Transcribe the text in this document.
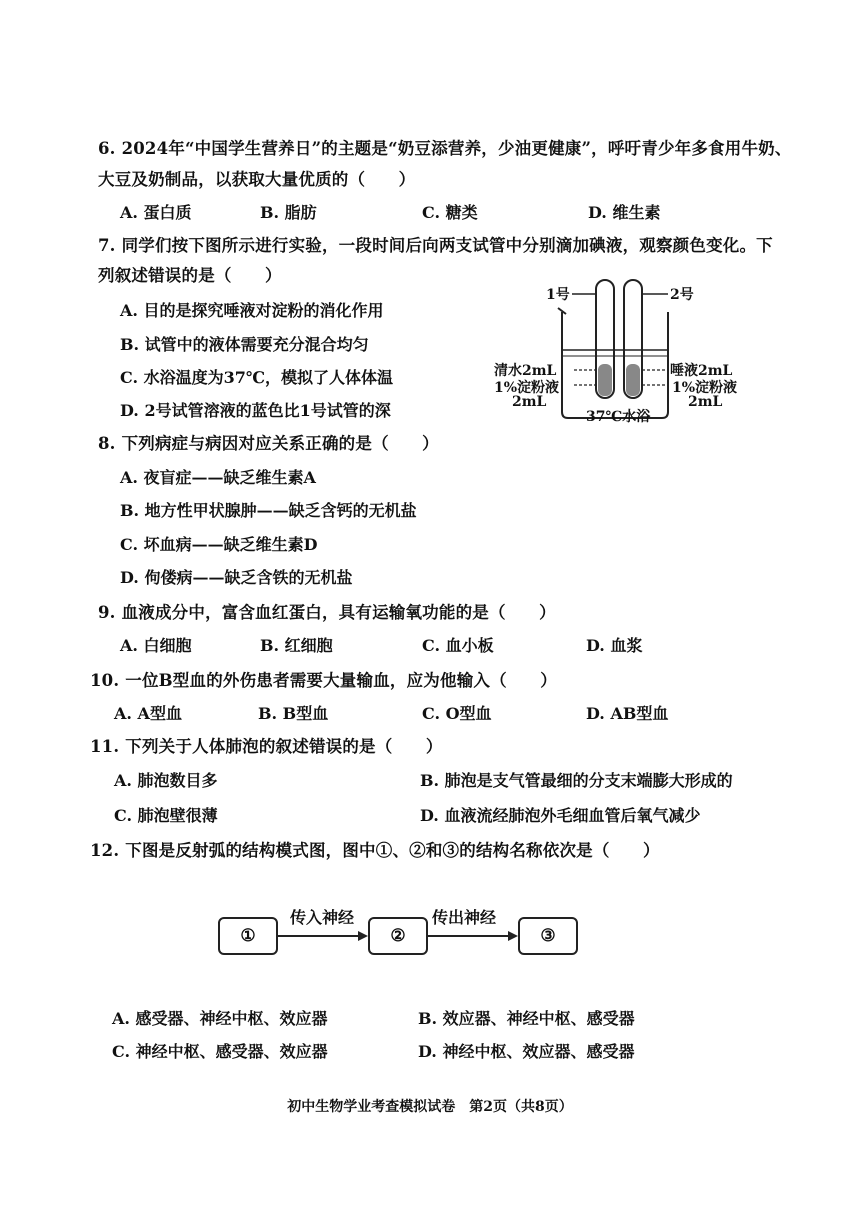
6. 2024年“中国学生营养日”的主题是“奶豆添营养，少油更健康”，呼吁青少年多食用牛奶、
大豆及奶制品，以获取大量优质的（　　）
A. 蛋白质	B. 脂肪	C. 糖类	D. 维生素
7. 同学们按下图所示进行实验，一段时间后向两支试管中分别滴加碘液，观察颜色变化。下
列叙述错误的是（　　）
A. 目的是探究唾液对淀粉的消化作用
B. 试管中的液体需要充分混合均匀
C. 水浴温度为37℃，模拟了人体体温
D. 2号试管溶液的蓝色比1号试管的深
1号	2号
清水2mL
1%淀粉液
2mL
唾液2mL
1%淀粉液
2mL
37℃水浴
8. 下列病症与病因对应关系正确的是（　　）
A. 夜盲症——缺乏维生素A
B. 地方性甲状腺肿——缺乏含钙的无机盐
C. 坏血病——缺乏维生素D
D. 佝偻病——缺乏含铁的无机盐
9. 血液成分中，富含血红蛋白，具有运输氧功能的是（　　）
A. 白细胞	B. 红细胞	C. 血小板	D. 血浆
10. 一位B型血的外伤患者需要大量输血，应为他输入（　　）
A. A型血	B. B型血	C. O型血	D. AB型血
11. 下列关于人体肺泡的叙述错误的是（　　）
A. 肺泡数目多	B. 肺泡是支气管最细的分支末端膨大形成的
C. 肺泡壁很薄	D. 血液流经肺泡外毛细血管后氧气减少
12. 下图是反射弧的结构模式图，图中①、②和③的结构名称依次是（　　）
①	②	③
传入神经	传出神经
A. 感受器、神经中枢、效应器	B. 效应器、神经中枢、感受器
C. 神经中枢、感受器、效应器	D. 神经中枢、效应器、感受器
初中生物学业考查模拟试卷　第2页（共8页）
